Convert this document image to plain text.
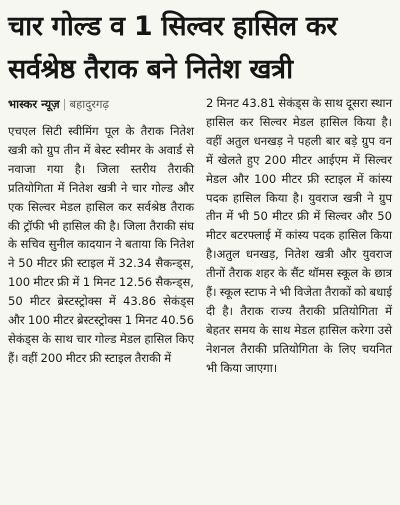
चार गोल्ड व 1 सिल्वर हासिल कर
सर्वश्रेष्ठ तैराक बने नितेश खत्री

भास्कर न्यूज़ | बहादुरगढ़

एचएल सिटी स्वीमिंग पूल के तैराक नितेश खत्री को ग्रुप तीन में बेस्ट स्वीमर के अवार्ड से नवाजा गया है। जिला स्तरीय तैराकी प्रतियोगिता में नितेश खत्री ने चार गोल्ड और एक सिल्वर मेडल हासिल कर सर्वश्रेष्ठ तैराक की ट्रॉफी भी हासिल की है। जिला तैराकी संघ के सचिव सुनील कादयान ने बताया कि नितेश ने 50 मीटर फ्री स्टाइल में 32.34 सैकन्ड्स, 100 मीटर फ्री में 1 मिनट 12.56 सैकन्ड्स, 50 मीटर ब्रेस्टस्ट्रोक्स में 43.86 सेकंड्स और 100 मीटर ब्रेस्टस्ट्रोक्स 1 मिनट 40.56 सेकंड्स के साथ चार गोल्ड मेडल हासिल किए हैं। वहीं 200 मीटर फ्री स्टाइल तैराकी में

2 मिनट 43.81 सेकंड्स के साथ दूसरा स्थान हासिल कर सिल्वर मेडल हासिल किया है। वहीं अतुल धनखड़ ने पहली बार बड़े ग्रुप वन में खेलते हुए 200 मीटर आईएम में सिल्वर मेडल और 100 मीटर फ्री स्टाइल में कांस्य पदक हासिल किया है। युवराज खत्री ने ग्रुप तीन में भी 50 मीटर फ्री में सिल्वर और 50 मीटर बटरफ्लाई में कांस्य पदक हासिल किया है।अतुल धनखड़, नितेश खत्री और युवराज तीनों तैराक शहर के सैंट थॉमस स्कूल के छात्र हैं। स्कूल स्टाफ ने भी विजेता तैराकों को बधाई दी है। तैराक राज्य तैराकी प्रतियोगिता में बेहतर समय के साथ मेडल हासिल करेगा उसे नेशनल तैराकी प्रतियोगिता के लिए चयनित भी किया जाएगा।
